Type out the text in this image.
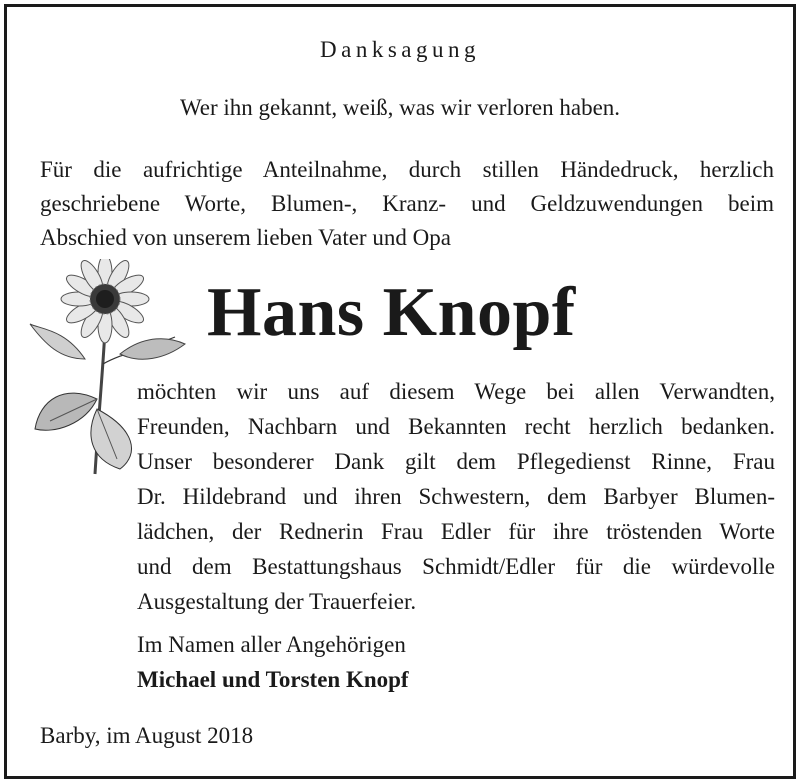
Danksagung
Wer ihn gekannt, weiß, was wir verloren haben.

Für die aufrichtige Anteilnahme, durch stillen Händedruck, herzlich

geschriebene Worte, Blumen-, Kranz- und Geldzuwendungen beim

Abschied von unserem lieben Vater und Opa

Hans Knopf

möchten wir uns auf diesem Wege bei allen Verwandten,

Freunden, Nachbarn und Bekannten recht herzlich bedanken.

Unser besonderer Dank gilt dem Pflegedienst Rinne, Frau

Dr. Hildebrand und ihren Schwestern, dem Barbyer Blumen-

lädchen, der Rednerin Frau Edler für ihre tröstenden Worte

und dem Bestattungshaus Schmidt/Edler für die würdevolle

Ausgestaltung der Trauerfeier.

Im Namen aller Angehörigen
Michael und Torsten Knopf
Barby, im August 2018
